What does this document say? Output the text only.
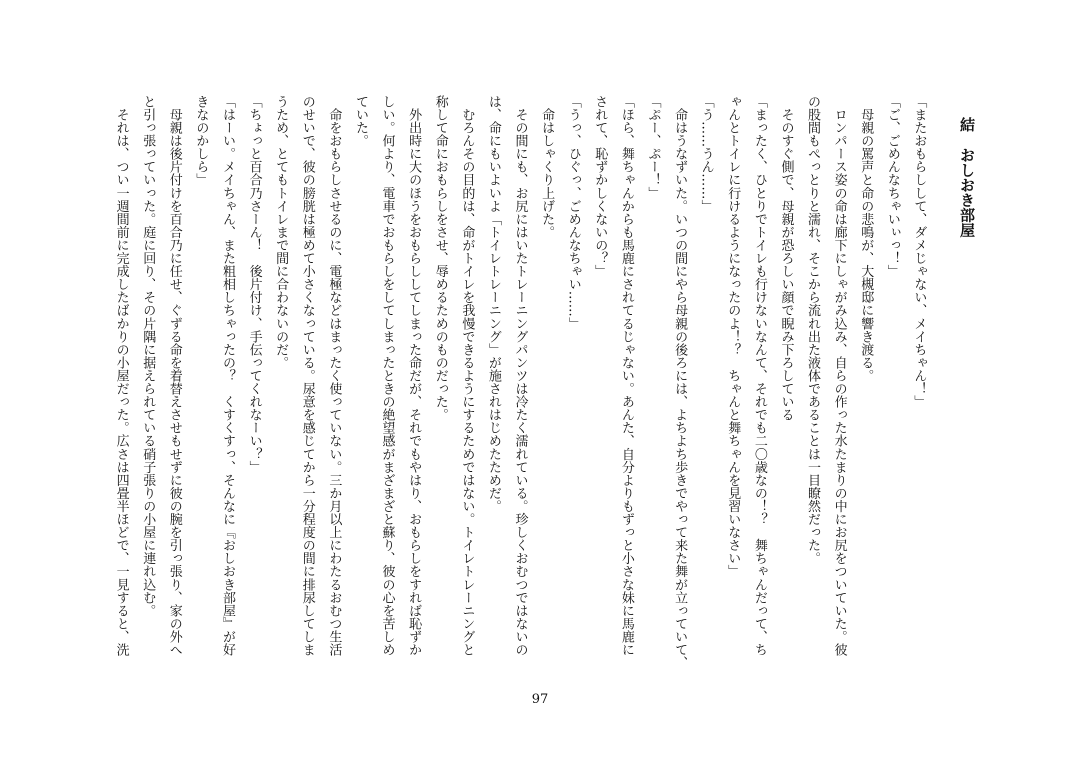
結　おしおき部屋
「またおもらしして、ダメじゃない、メイちゃん！」
「ご、ごめんなちゃいぃっ！」
　母親の罵声と命の悲鳴が、大槻邸に響き渡る。
　ロンパース姿の命は廊下にしゃがみ込み、自らの作った水たまりの中にお尻をついていた。彼
の股間もぺっとりと濡れ、そこから流れ出た液体であることは一目瞭然だった。
　そのすぐ側で、母親が恐ろしい顔で睨み下ろしている
「まったく、ひとりでトイレも行けないなんて、それでも二〇歳なの！？　舞ちゃんだって、ち
ゃんとトイレに行けるようになったのよ！？　ちゃんと舞ちゃんを見習いなさい」
「う……うん……」
　命はうなずいた。いつの間にやら母親の後ろには、よちよち歩きでやって来た舞が立っていて、
「ぷー、ぷー！」
「ほら、舞ちゃんからも馬鹿にされてるじゃない。あんた、自分よりもずっと小さな妹に馬鹿に
されて、恥ずかしくないの？」
「うっ、ひぐっ、ごめんなちゃい……」
　命はしゃくり上げた。
　その間にも、お尻にはいたトレーニングパンツは冷たく濡れている。珍しくおむつではないの
は、命にもいよいよ「トイレトレーニング」が施されはじめたためだ。
　むろんその目的は、命がトイレを我慢できるようにするためではない。トイレトレーニングと
称して命におもらしをさせ、辱めるためのものだった。
　外出時に大のほうをおもらししてしまった命だが、それでもやはり、おもらしをすれば恥ずか
しい。何より、電車でおもらしをしてしまったときの絶望感がまざまざと蘇り、彼の心を苦しめ
ていた。
　命をおもらしさせるのに、電極などはまったく使っていない。三か月以上にわたるおむつ生活
のせいで、彼の膀胱は極めて小さくなっている。尿意を感じてから一分程度の間に排尿してしま
うため、とてもトイレまで間に合わないのだ。
「ちょっと百合乃さーん！　後片付け、手伝ってくれなーい？」
「はーい。メイちゃん、また粗相しちゃったの？　くすくすっ、そんなに『おしおき部屋』が好
きなのかしら」
　母親は後片付けを百合乃に任せ、ぐずる命を着替えさせもせずに彼の腕を引っ張り、家の外へ
と引っ張っていった。庭に回り、その片隅に据えられている硝子張りの小屋に連れ込む。
　それは、つい一週間前に完成したばかりの小屋だった。広さは四畳半ほどで、一見すると、洗
97
